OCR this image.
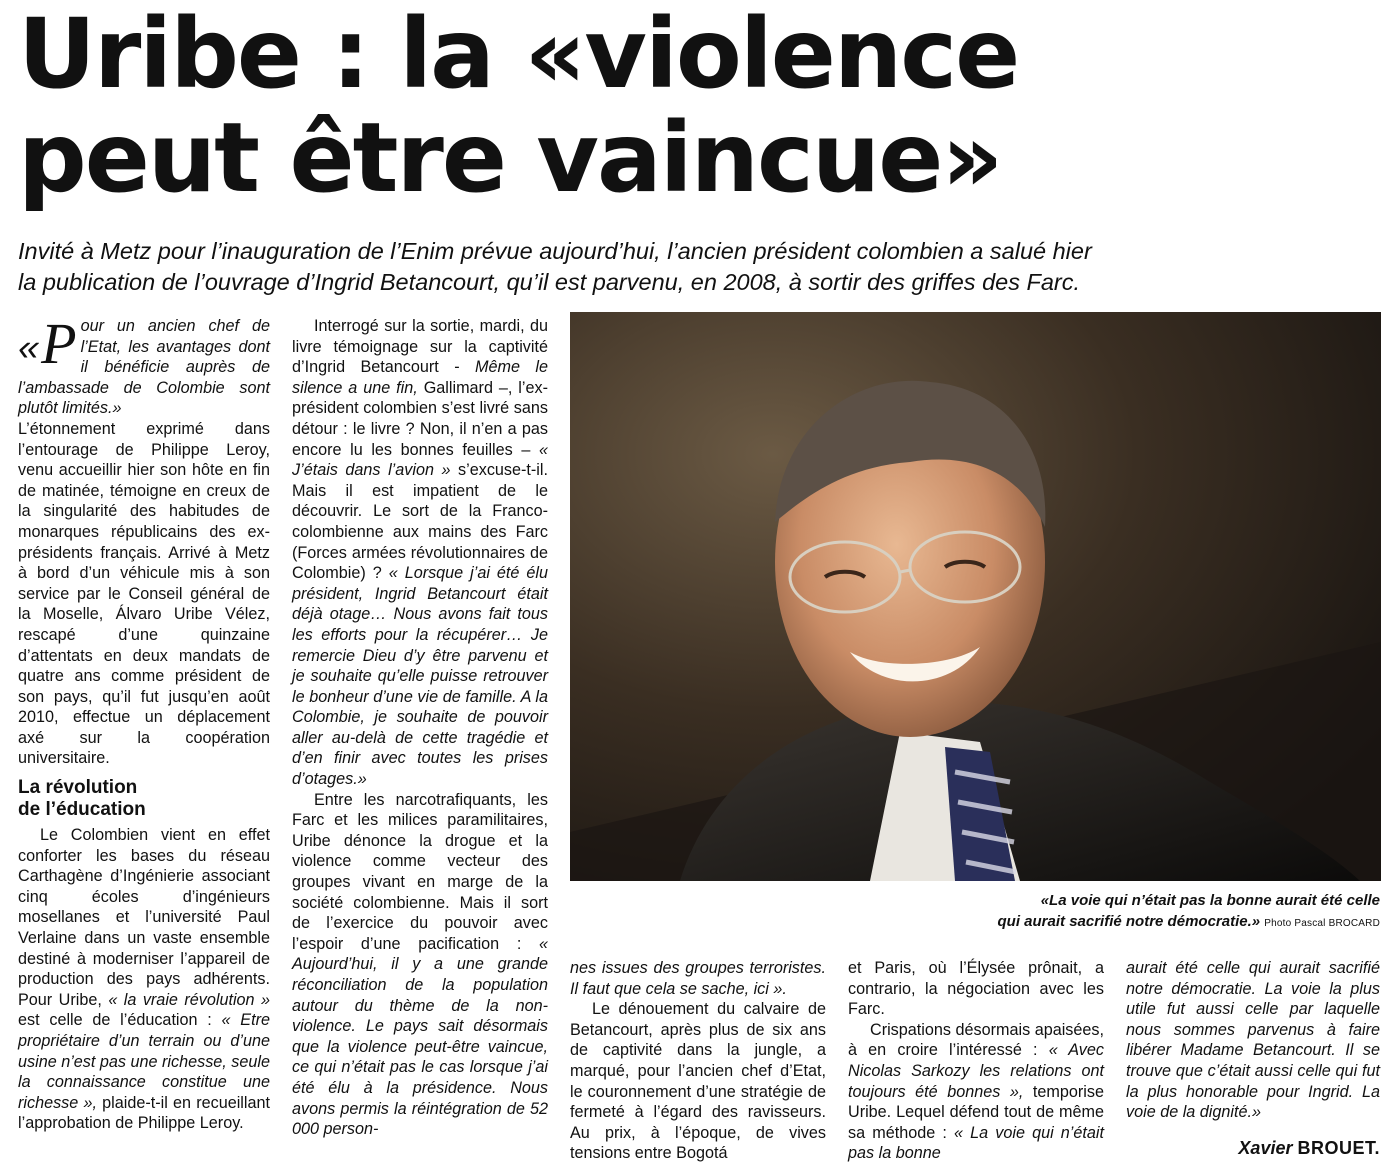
Uribe : la «violence
peut être vaincue»

Invité à Metz pour l’inauguration de l’Enim prévue aujourd’hui, l’ancien président colombien a salué hier
la publication de l’ouvrage d’Ingrid Betancourt, qu’il est parvenu, en 2008, à sortir des griffes des Farc.

« P our un ancien chef de l’Etat, les avantages dont il bénéficie auprès de l’ambassade de Colombie sont plutôt limités.»

L’étonnement exprimé dans l’entourage de Philippe Leroy, venu accueillir hier son hôte en fin de matinée, témoigne en creux de la singularité des habitudes de monarques républicains des ex-présidents français. Arrivé à Metz à bord d’un véhicule mis à son service par le Conseil général de la Moselle, Álvaro Uribe Vélez, rescapé d’une quinzaine d’attentats en deux mandats de quatre ans comme président de son pays, qu’il fut jusqu’en août 2010, effectue un déplacement axé sur la coopération universitaire.

La révolution
de l’éducation

Le Colombien vient en effet conforter les bases du réseau Carthagène d’Ingénierie associant cinq écoles d’ingénieurs mosellanes et l’université Paul Verlaine dans un vaste ensemble destiné à moderniser l’appareil de production des pays adhérents. Pour Uribe, « la vraie révolution » est celle de l’éducation : « Etre propriétaire d’un terrain ou d’une usine n’est pas une richesse, seule la connaissance constitue une richesse », plaide-t-il en recueillant l’approbation de Philippe Leroy.

Interrogé sur la sortie, mardi, du livre témoignage sur la captivité d’Ingrid Betancourt - Même le silence a une fin, Gallimard –, l’ex-président colombien s’est livré sans détour : le livre ? Non, il n’en a pas encore lu les bonnes feuilles – « J’étais dans l’avion » s’excuse-t-il. Mais il est impatient de le découvrir. Le sort de la Franco-colombienne aux mains des Farc (Forces armées révolutionnaires de Colombie) ? « Lorsque j’ai été élu président, Ingrid Betancourt était déjà otage… Nous avons fait tous les efforts pour la récupérer… Je remercie Dieu d’y être parvenu et je souhaite qu’elle puisse retrouver le bonheur d’une vie de famille. A la Colombie, je souhaite de pouvoir aller au-delà de cette tragédie et d’en finir avec toutes les prises d’otages.»

Entre les narcotrafiquants, les Farc et les milices paramilitaires, Uribe dénonce la drogue et la violence comme vecteur des groupes vivant en marge de la société colombienne. Mais il sort de l’exercice du pouvoir avec l’espoir d’une pacification : « Aujourd’hui, il y a une grande réconciliation de la population autour du thème de la non-violence. Le pays sait désormais que la violence peut-être vaincue, ce qui n’était pas le cas lorsque j’ai été élu à la présidence. Nous avons permis la réintégration de 52 000 person-

«La voie qui n’était pas la bonne aurait été celle
qui aurait sacrifié notre démocratie.» Photo Pascal BROCARD

nes issues des groupes terroristes. Il faut que cela se sache, ici ».

Le dénouement du calvaire de Betancourt, après plus de six ans de captivité dans la jungle, a marqué, pour l’ancien chef d’Etat, le couronnement d’une stratégie de fermeté à l’égard des ravisseurs. Au prix, à l’époque, de vives tensions entre Bogotá

et Paris, où l’Élysée prônait, a contrario, la négociation avec les Farc.

Crispations désormais apaisées, à en croire l’intéressé : « Avec Nicolas Sarkozy les relations ont toujours été bonnes », temporise Uribe. Lequel défend tout de même sa méthode : « La voie qui n’était pas la bonne

aurait été celle qui aurait sacrifié notre démocratie. La voie la plus utile fut aussi celle par laquelle nous sommes parvenus à faire libérer Madame Betancourt. Il se trouve que c’était aussi celle qui fut la plus honorable pour Ingrid. La voie de la dignité.»

Xavier BROUET.
